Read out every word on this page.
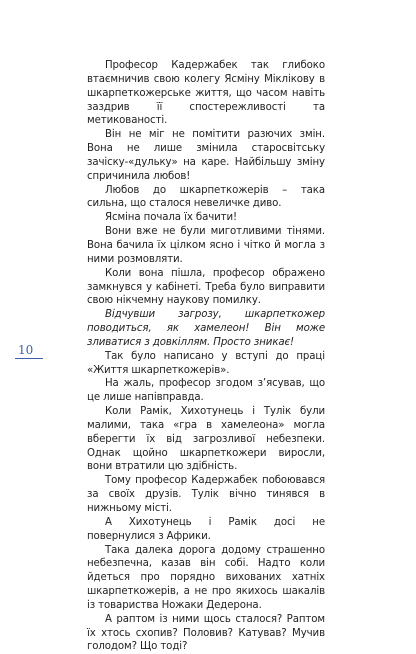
Професор Кадержабек так глибоко втаємничив свою колегу Ясміну Міклікову в шкарпеткожерське життя, що часом навіть заздрив її спостережливості та метикованості.

Він не міг не помітити разючих змін. Вона не лише змінила старосвітську зачіску-«дульку» на каре. Найбільшу зміну спричинила любов!

Любов до шкарпеткожерів – така сильна, що сталося невеличке диво.

Ясміна почала їх бачити!

Вони вже не були миготливими тінями. Вона бачила їх цілком ясно і чітко й могла з ними розмовляти.

Коли вона пішла, професор ображено замкнувся у кабінеті. Треба було виправити свою нікчемну наукову помилку.

Відчувши загрозу, шкарпеткожер поводиться, як хамелеон! Він може зливатися з довкіллям. Просто зникає!

Так було написано у вступі до праці «Життя шкарпеткожерів».

На жаль, професор згодом з’ясував, що це лише напівправда.

Коли Рамік, Хихотунець і Тулік були малими, така «гра в хамелеона» могла вберегти їх від загрозливої небезпеки. Однак щойно шкарпеткожери виросли, вони втратили цю здібність.

Тому професор Кадержабек побоювався за своїх друзів. Тулік вічно тинявся в нижньому місті.

А Хихотунець і Рамік досі не повернулися з Африки.

Така далека дорога додому страшенно небезпечна, казав він собі. Надто коли йдеться про порядно вихованих хатніх шкарпеткожерів, а не про якихось шакалів із товариства Ножаки Дедерона.

А раптом із ними щось сталося? Раптом їх хтось схопив? Половив? Катував? Мучив голодом? Що тоді?

10
